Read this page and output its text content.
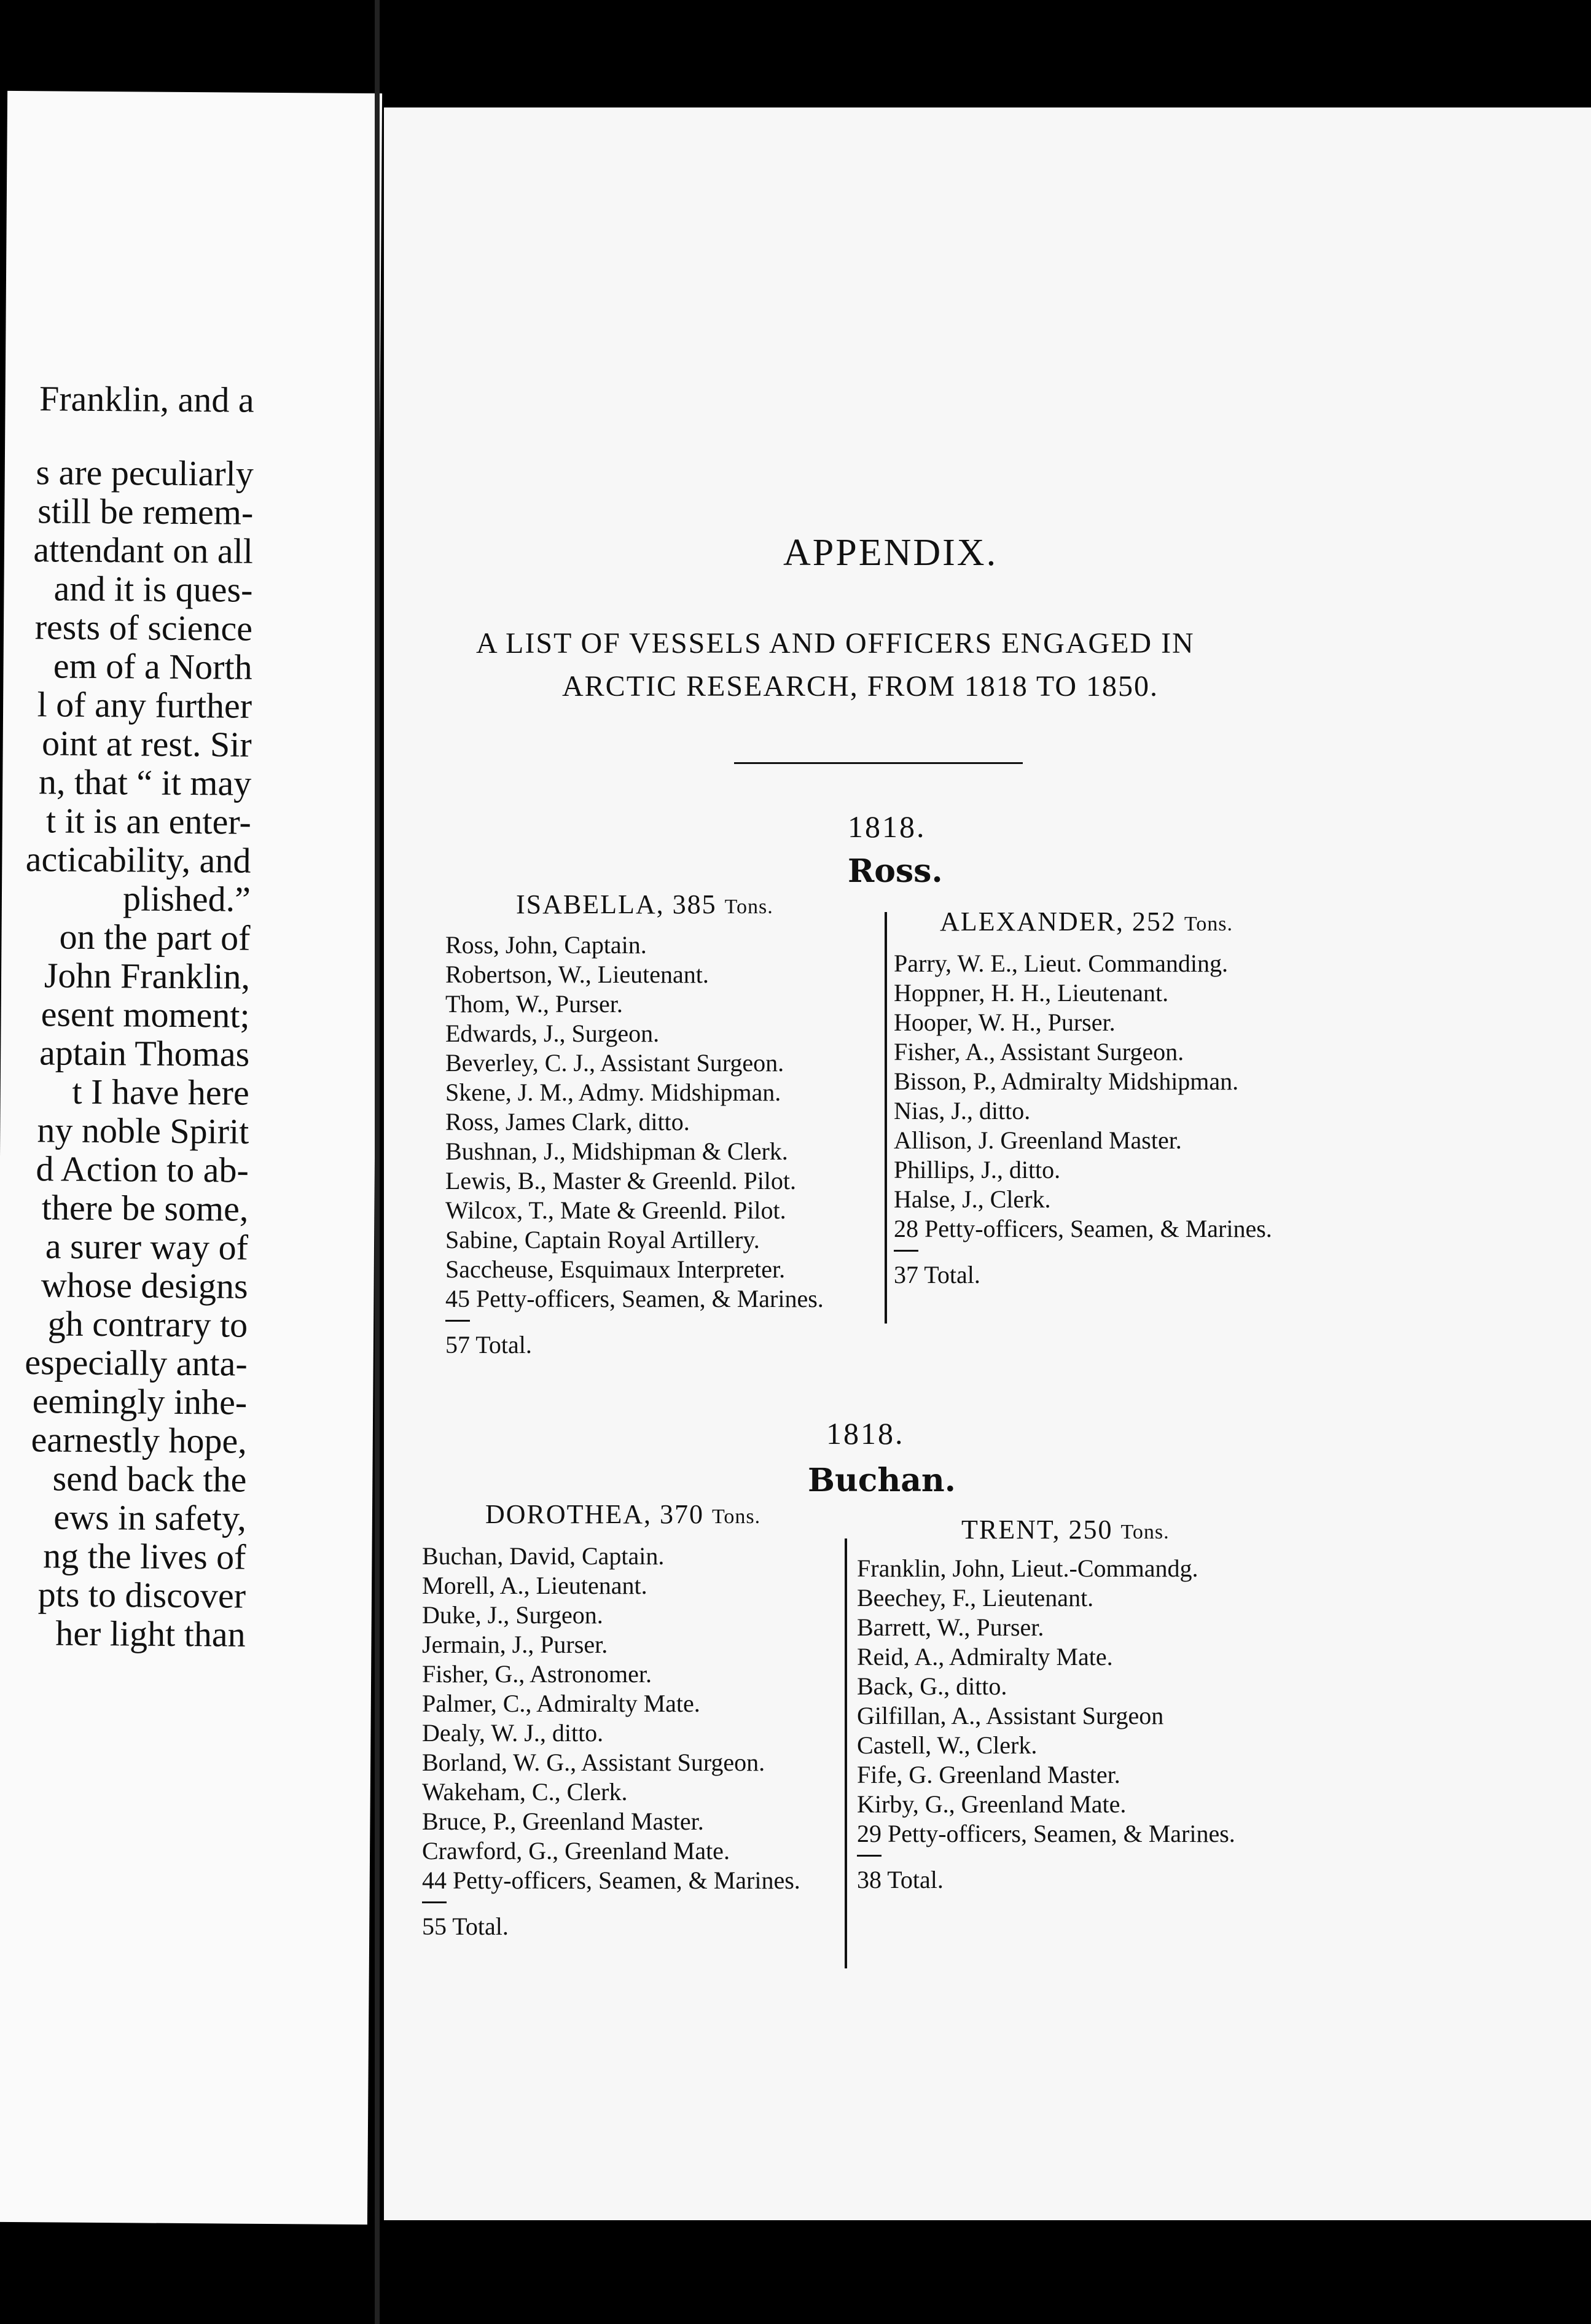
Franklin, and a
s are peculiarly
still be remem-
attendant on all
and it is ques-
rests of science
em of a North
l of any further
oint at rest. Sir
n, that “ it may
t it is an enter-
acticability, and
plished.”
on the part of
John Franklin,
esent moment;
aptain Thomas
t I have here
ny noble Spirit
d Action to ab-
there be some,
a surer way of
whose designs
gh contrary to
especially anta-
eemingly inhe-
earnestly hope,
send back the
ews in safety,
ng the lives of
pts to discover
her light than
APPENDIX.
A LIST OF VESSELS AND OFFICERS ENGAGED IN
ARCTIC RESEARCH, FROM 1818 TO 1850.
1818.
Ross.
ISABELLA, 385 Tons.
Ross, John, Captain.
Robertson, W., Lieutenant.
Thom, W., Purser.
Edwards, J., Surgeon.
Beverley, C. J., Assistant Surgeon.
Skene, J. M., Admy. Midshipman.
Ross, James Clark, ditto.
Bushnan, J., Midshipman & Clerk.
Lewis, B., Master & Greenld. Pilot.
Wilcox, T., Mate & Greenld. Pilot.
Sabine, Captain Royal Artillery.
Saccheuse, Esquimaux Interpreter.
45 Petty-officers, Seamen, & Marines.
57 Total.
ALEXANDER, 252 Tons.
Parry, W. E., Lieut. Commanding.
Hoppner, H. H., Lieutenant.
Hooper, W. H., Purser.
Fisher, A., Assistant Surgeon.
Bisson, P., Admiralty Midshipman.
Nias, J., ditto.
Allison, J. Greenland Master.
Phillips, J., ditto.
Halse, J., Clerk.
28 Petty-officers, Seamen, & Marines.
37 Total.
1818.
Buchan.
DOROTHEA, 370 Tons.
Buchan, David, Captain.
Morell, A., Lieutenant.
Duke, J., Surgeon.
Jermain, J., Purser.
Fisher, G., Astronomer.
Palmer, C., Admiralty Mate.
Dealy, W. J., ditto.
Borland, W. G., Assistant Surgeon.
Wakeham, C., Clerk.
Bruce, P., Greenland Master.
Crawford, G., Greenland Mate.
44 Petty-officers, Seamen, & Marines.
55 Total.
TRENT, 250 Tons.
Franklin, John, Lieut.-Commandg.
Beechey, F., Lieutenant.
Barrett, W., Purser.
Reid, A., Admiralty Mate.
Back, G., ditto.
Gilfillan, A., Assistant Surgeon
Castell, W., Clerk.
Fife, G. Greenland Master.
Kirby, G., Greenland Mate.
29 Petty-officers, Seamen, & Marines.
38 Total.
